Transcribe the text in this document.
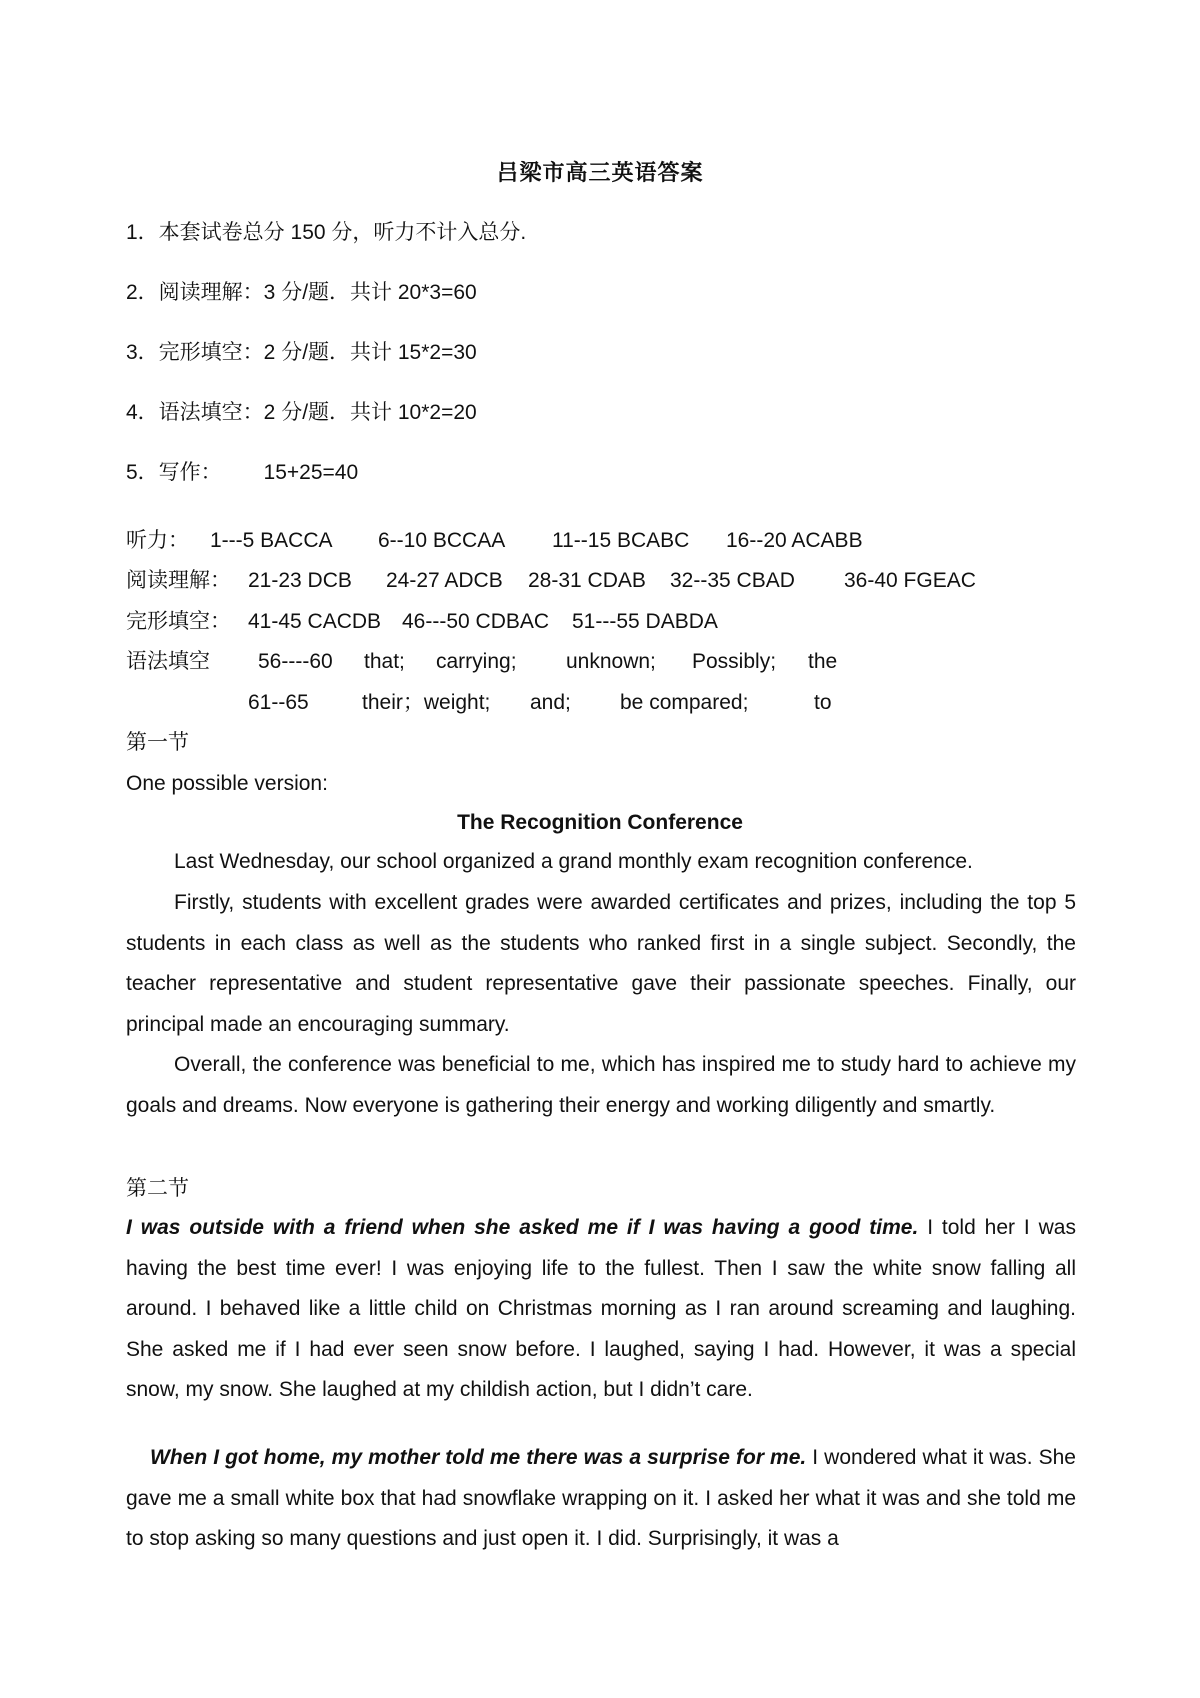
吕梁市高三英语答案
1．本套试卷总分 150 分，听力不计入总分.
2．阅读理解：3 分/题．共计 20*3=60
3．完形填空：2 分/题．共计 15*2=30
4．语法填空：2 分/题．共计 10*2=20
5．写作： 15+25=40
听力： 1---5 BACCA 6--10 BCCAA 11--15 BCABC 16--20 ACABB
阅读理解： 21-23 DCB 24-27 ADCB 28-31 CDAB 32--35 CBAD 36-40 FGEAC
完形填空： 41-45 CACDB 46---50 CDBAC 51---55 DABDA
语法填空 56----60 that; carrying; unknown; Possibly; the
61--65	their；weight; and; be compared;	to
第一节
One possible version:
The Recognition Conference
Last Wednesday, our school organized a grand monthly exam recognition conference.
Firstly, students with excellent grades were awarded certificates and prizes, including the top 5 students in each class as well as the students who ranked first in a single subject. Secondly, the teacher representative and student representative gave their passionate speeches. Finally, our principal made an encouraging summary.
Overall, the conference was beneficial to me, which has inspired me to study hard to achieve my goals and dreams. Now everyone is gathering their energy and working diligently and smartly.
第二节
I was outside with a friend when she asked me if I was having a good time. I told her I was having the best time ever! I was enjoying life to the fullest. Then I saw the white snow falling all around. I behaved like a little child on Christmas morning as I ran around screaming and laughing. She asked me if I had ever seen snow before. I laughed, saying I had. However, it was a special snow, my snow. She laughed at my childish action, but I didn’t care.
When I got home, my mother told me there was a surprise for me. I wondered what it was. She gave me a small white box that had snowflake wrapping on it. I asked her what it was and she told me to stop asking so many questions and just open it. I did. Surprisingly, it was a
